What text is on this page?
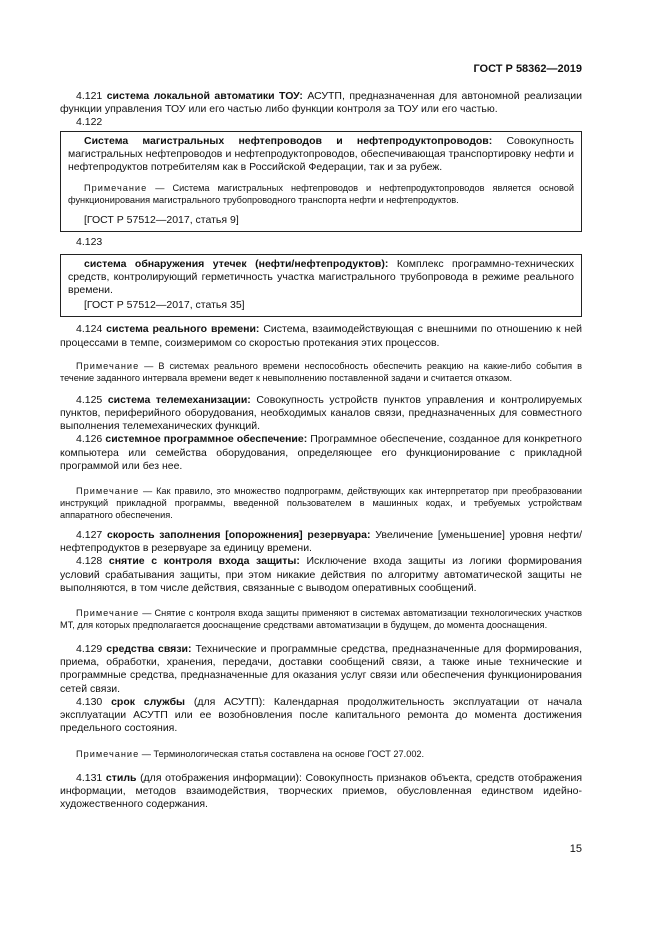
ГОСТ Р 58362—2019

4.121 система локальной автоматики ТОУ: АСУТП, предназначенная для автономной реализации функции управления ТОУ или его частью либо функции контроля за ТОУ или его частью.

4.122

Система магистральных нефтепроводов и нефтепродуктопроводов: Совокупность магистральных нефтепроводов и нефтепродуктопроводов, обеспечивающая транспортировку нефти и нефтепродуктов потребителям как в Российской Федерации, так и за рубеж.

Примечание — Система магистральных нефтепроводов и нефтепродуктопроводов является основой функционирования магистрального трубопроводного транспорта нефти и нефтепродуктов.

[ГОСТ Р 57512—2017, статья 9]

4.123

система обнаружения утечек (нефти/нефтепродуктов): Комплекс программно-технических средств, контролирующий герметичность участка магистрального трубопровода в режиме реального времени.

[ГОСТ Р 57512—2017, статья 35]

4.124 система реального времени: Система, взаимодействующая с внешними по отношению к ней процессами в темпе, соизмеримом со скоростью протекания этих процессов.

Примечание — В системах реального времени неспособность обеспечить реакцию на какие-либо события в течение заданного интервала времени ведет к невыполнению поставленной задачи и считается отказом.

4.125 система телемеханизации: Совокупность устройств пунктов управления и контролируемых пунктов, периферийного оборудования, необходимых каналов связи, предназначенных для совместного выполнения телемеханических функций.

4.126 системное программное обеспечение: Программное обеспечение, созданное для конкретного компьютера или семейства оборудования, определяющее его функционирование с прикладной программой или без нее.

Примечание — Как правило, это множество подпрограмм, действующих как интерпретатор при преобразовании инструкций прикладной программы, введенной пользователем в машинных кодах, и требуемых устройствам аппаратного обеспечения.

4.127 скорость заполнения [опорожнения] резервуара: Увеличение [уменьшение] уровня нефти/нефтепродуктов в резервуаре за единицу времени.

4.128 снятие с контроля входа защиты: Исключение входа защиты из логики формирования условий срабатывания защиты, при этом никакие действия по алгоритму автоматической защиты не выполняются, в том числе действия, связанные с выводом оперативных сообщений.

Примечание — Снятие с контроля входа защиты применяют в системах автоматизации технологических участков МТ, для которых предполагается дооснащение средствами автоматизации в будущем, до момента дооснащения.

4.129 средства связи: Технические и программные средства, предназначенные для формирования, приема, обработки, хранения, передачи, доставки сообщений связи, а также иные технические и программные средства, предназначенные для оказания услуг связи или обеспечения функционирования сетей связи.

4.130 срок службы (для АСУТП): Календарная продолжительность эксплуатации от начала эксплуатации АСУТП или ее возобновления после капитального ремонта до момента достижения предельного состояния.

Примечание — Терминологическая статья составлена на основе ГОСТ 27.002.

4.131 стиль (для отображения информации): Совокупность признаков объекта, средств отображения информации, методов взаимодействия, творческих приемов, обусловленная единством идейно-художественного содержания.

15
